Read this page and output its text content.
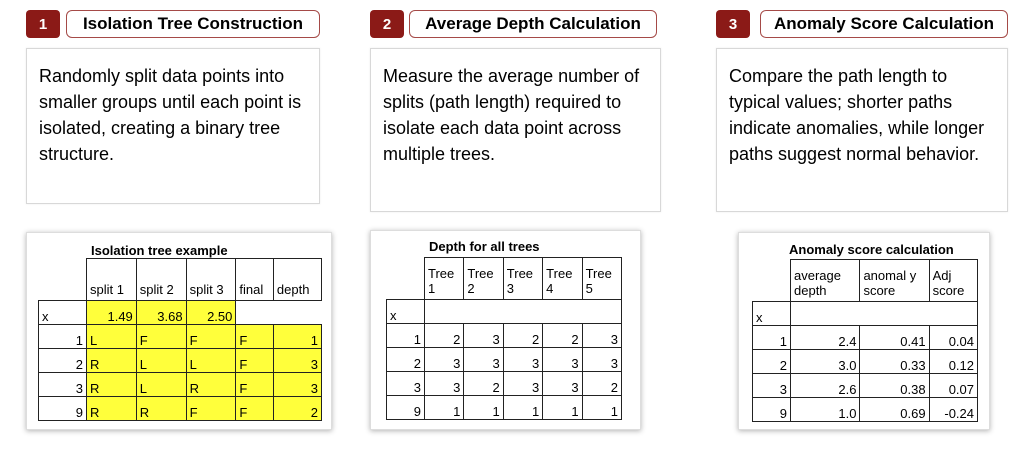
1	Isolation Tree Construction
Randomly split data points into smaller groups until each point is isolated, creating a binary tree structure.
2	Average Depth Calculation
Measure the average number of splits (path length) required to isolate each data point across multiple trees.
3	Anomaly Score Calculation
Compare the path length to typical values; shorter paths indicate anomalies, while longer paths suggest normal behavior.
Isolation tree example
	split 1	split 2	split 3	final	depth
x	1.49	3.68	2.50		
1	L	F	F	F	1
2	R	L	L	F	3
3	R	L	R	F	3
9	R	R	F	F	2
Depth for all trees
	Tree 1	Tree 2	Tree 3	Tree 4	Tree 5
x					
1	2	3	2	2	3
2	3	3	3	3	3
3	3	2	3	3	2
9	1	1	1	1	1
Anomaly score calculation
	average depth	anomal y score	Adj score
x			
1	2.4	0.41	0.04
2	3.0	0.33	0.12
3	2.6	0.38	0.07
9	1.0	0.69	-0.24
